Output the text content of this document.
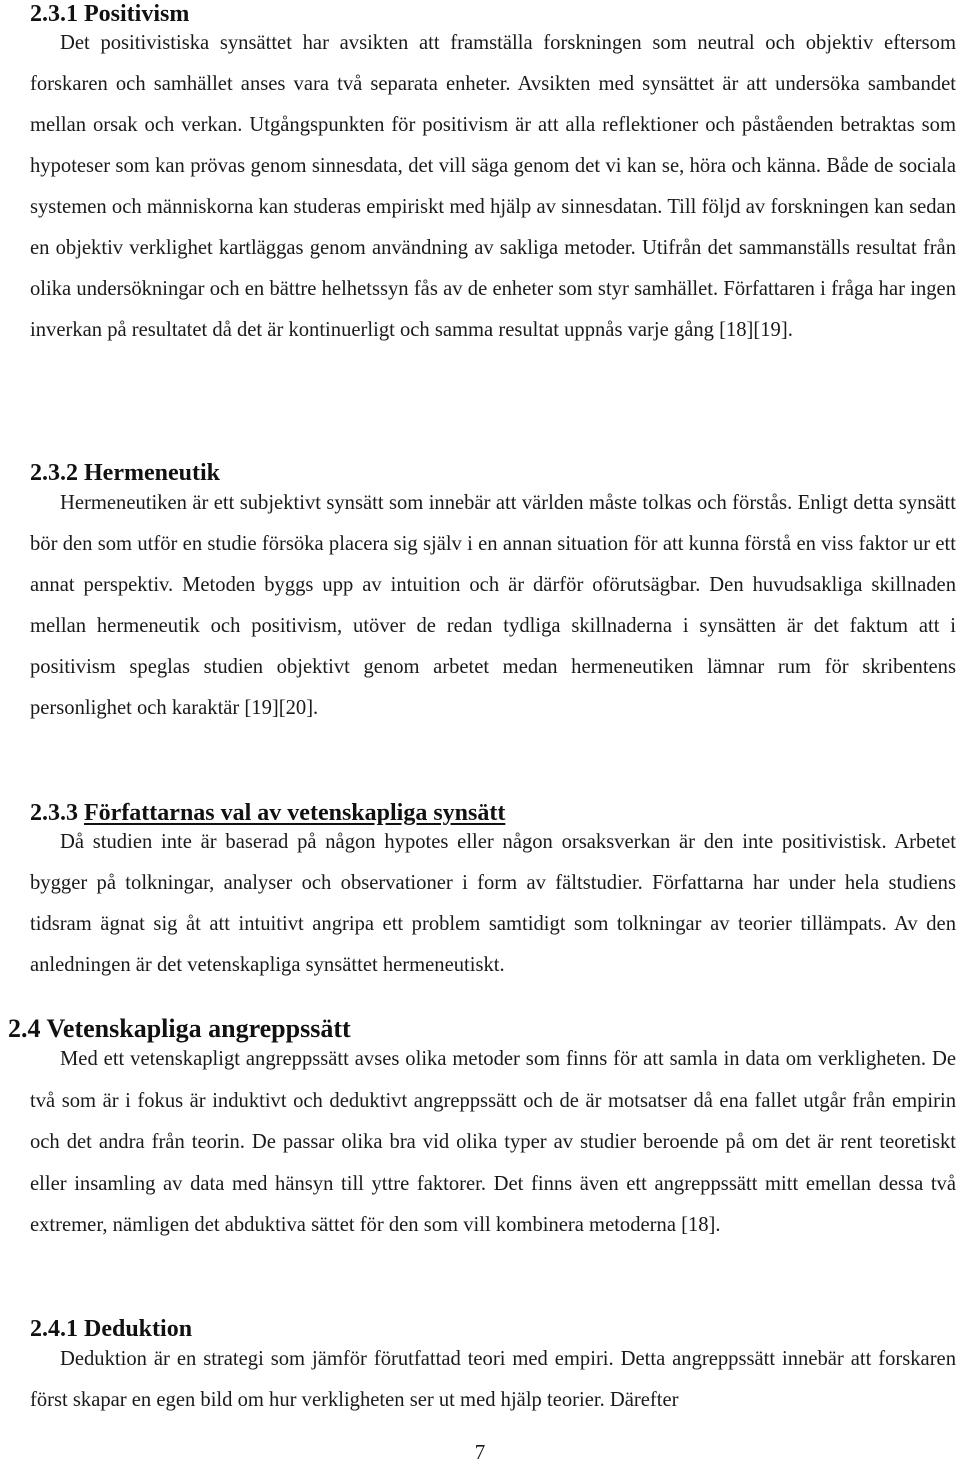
2.3.1 Positivism

Det positivistiska synsättet har avsikten att framställa forskningen som neutral och objektiv eftersom forskaren och samhället anses vara två separata enheter. Avsikten med synsättet är att undersöka sambandet mellan orsak och verkan. Utgångspunkten för positivism är att alla reflektioner och påståenden betraktas som hypoteser som kan prövas genom sinnesdata, det vill säga genom det vi kan se, höra och känna. Både de sociala systemen och människorna kan studeras empiriskt med hjälp av sinnesdatan. Till följd av forskningen kan sedan en objektiv verklighet kartläggas genom användning av sakliga metoder. Utifrån det sammanställs resultat från olika undersökningar och en bättre helhetssyn fås av de enheter som styr samhället. Författaren i fråga har ingen inverkan på resultatet då det är kontinuerligt och samma resultat uppnås varje gång [18][19].

2.3.2 Hermeneutik

Hermeneutiken är ett subjektivt synsätt som innebär att världen måste tolkas och förstås. Enligt detta synsätt bör den som utför en studie försöka placera sig själv i en annan situation för att kunna förstå en viss faktor ur ett annat perspektiv. Metoden byggs upp av intuition och är därför oförutsägbar. Den huvudsakliga skillnaden mellan hermeneutik och positivism, utöver de redan tydliga skillnaderna i synsätten är det faktum att i positivism speglas studien objektivt genom arbetet medan hermeneutiken lämnar rum för skribentens personlighet och karaktär [19][20].

2.3.3 Författarnas val av vetenskapliga synsätt

Då studien inte är baserad på någon hypotes eller någon orsaksverkan är den inte positivistisk. Arbetet bygger på tolkningar, analyser och observationer i form av fältstudier. Författarna har under hela studiens tidsram ägnat sig åt att intuitivt angripa ett problem samtidigt som tolkningar av teorier tillämpats. Av den anledningen är det vetenskapliga synsättet hermeneutiskt.

2.4 Vetenskapliga angreppssätt

Med ett vetenskapligt angreppssätt avses olika metoder som finns för att samla in data om verkligheten. De två som är i fokus är induktivt och deduktivt angreppssätt och de är motsatser då ena fallet utgår från empirin och det andra från teorin. De passar olika bra vid olika typer av studier beroende på om det är rent teoretiskt eller insamling av data med hänsyn till yttre faktorer. Det finns även ett angreppssätt mitt emellan dessa två extremer, nämligen det abduktiva sättet för den som vill kombinera metoderna [18].

2.4.1 Deduktion

Deduktion är en strategi som jämför förutfattad teori med empiri. Detta angreppssätt innebär att forskaren först skapar en egen bild om hur verkligheten ser ut med hjälp teorier. Därefter

7
